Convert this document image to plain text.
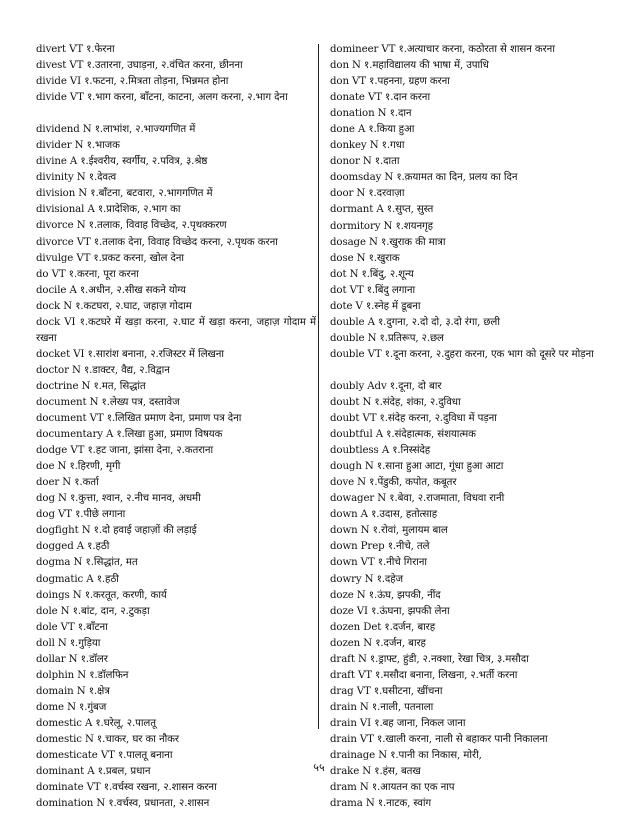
divert VT १.फेरना
divest VT १.उतारना, उघाड़ना, २.वंचित करना, छीनना
divide VI १.फटना, २.मित्रता तोड़ना, भिन्नमत होना
divide VT १.भाग करना, बाँटना, काटना, अलग करना, २.भाग देना
dividend N १.लाभांश, २.भाज्यगणित में
divider N १.भाजक
divine A १.ईश्वरीय, स्वर्गीय, २.पवित्र, ३.श्रेष्ठ
divinity N १.देवत्व
division N १.बाँटना, बटवारा, २.भागगणित में
divisional A १.प्रादेशिक, २.भाग का
divorce N १.तलाक, विवाह विच्छेद, २.पृथक्करण
divorce VT १.तलाक देना, विवाह विच्छेद करना, २.पृथक करना
divulge VT १.प्रकट करना, खोल देना
do VT १.करना, पूरा करना
docile A १.अधीन, २.सीख सकने योग्य
dock N १.कटघरा, २.घाट, जहाज़ गोदाम
dock VI १.कटघरे में खड़ा करना, २.घाट में खड़ा करना, जहाज़ गोदाम में रखना
docket VI १.सारांश बनाना, २.रजिस्टर में लिखना
doctor N १.डाक्टर, वैद्य, २.विद्वान
doctrine N १.मत, सिद्धांत
document N १.लेख्य पत्र, दस्तावेज
document VT १.लिखित प्रमाण देना, प्रमाण पत्र देना
documentary A १.लिखा हुआ, प्रमाण विषयक
dodge VT १.हट जाना, झांसा देना, २.कतराना
doe N १.हिरणी, मृगी
doer N १.कर्ता
dog N १.कुत्ता, श्वान, २.नीच मानव, अधमी
dog VT १.पीछे लगाना
dogfight N १.दो हवाई जहाज़ों की लड़ाई
dogged A १.हठी
dogma N १.सिद्धांत, मत
dogmatic A १.हठी
doings N १.करतूत, करणी, कार्य
dole N १.बांट, दान, २.टुकड़ा
dole VT १.बाँटना
doll N १.गुड़िया
dollar N १.डॉलर
dolphin N १.डॉलफिन
domain N १.क्षेत्र
dome N १.गुंबज
domestic A १.घरेलू, २.पालतू
domestic N १.चाकर, घर का नौकर
domesticate VT १.पालतू बनाना
dominant A १.प्रबल, प्रधान
dominate VT १.वर्चस्व रखना, २.शासन करना
domination N १.वर्चस्व, प्रधानता, २.शासन
domineer VT १.अत्याचार करना, कठोरता से शासन करना
don N १.महाविद्यालय की भाषा में, उपाधि
don VT १.पहनना, ग्रहण करना
donate VT १.दान करना
donation N १.दान
done A १.किया हुआ
donkey N १.गधा
donor N १.दाता
doomsday N १.क़यामत का दिन, प्रलय का दिन
door N १.दरवाज़ा
dormant A १.सुप्त, सुस्त
dormitory N १.शयनगृह
dosage N १.खुराक की मात्रा
dose N १.खुराक
dot N १.बिंदु, २.शून्य
dot VT १.बिंदु लगाना
dote V १.स्नेह में डूबना
double A १.दुगना, २.दो दो, ३.दो रंगा, छली
double N १.प्रतिरूप, २.छल
double VT १.दूना करना, २.दुहरा करना, एक भाग को दूसरे पर मोड़ना
doubly Adv १.दूना, दो बार
doubt N १.संदेह, शंका, २.दुविधा
doubt VT १.संदेह करना, २.दुविधा में पड़ना
doubtful A १.संदेहात्मक, संशयात्मक
doubtless A १.निस्संदेह
dough N १.साना हुआ आटा, गूंधा हुआ आटा
dove N १.पेंडुकी, कपोत, कबूतर
dowager N १.बेवा, २.राजमाता, विधवा रानी
down A १.उदास, हतोत्साह
down N १.रोवां, मुलायम बाल
down Prep १.नीचे, तले
down VT १.नीचे गिराना
dowry N १.दहेज
doze N १.ऊंघ, झपकी, नींद
doze VI १.ऊंघना, झपकी लेना
dozen Det १.दर्जन, बारह
dozen N १.दर्जन, बारह
draft N १.ड्राफ्ट, हुंडी, २.नक्शा, रेखा चित्र, ३.मसौदा
draft VT १.मसौदा बनाना, लिखना, २.भर्ती करना
drag VT १.घसीटना, खींचना
drain N १.नाली, पतनाला
drain VI १.बह जाना, निकल जाना
drain VT १.खाली करना, नाली से बहाकर पानी निकालना
drainage N १.पानी का निकास, मोरी,
drake N १.हंस, बतख
dram N १.आयतन का एक नाप
drama N १.नाटक, स्वांग
५५
